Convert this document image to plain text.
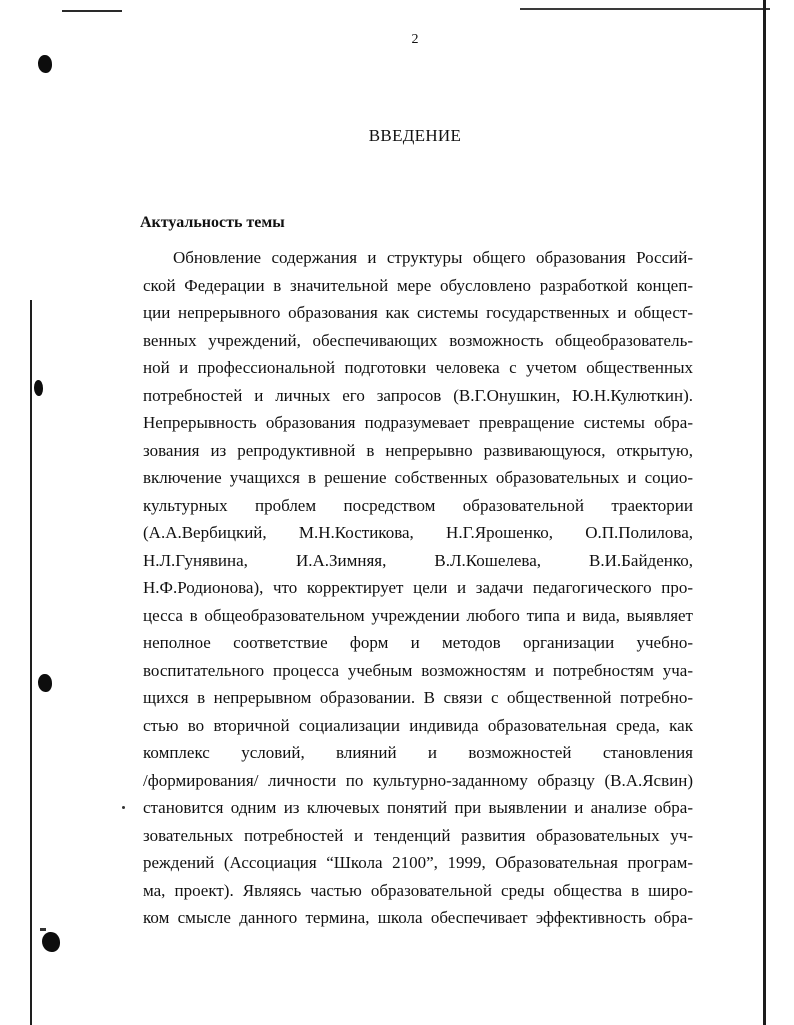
2
ВВЕДЕНИЕ
Актуальность темы
Обновление содержания и структуры общего образования Россий-
ской Федерации в значительной мере обусловлено разработкой концеп-
ции непрерывного образования как системы государственных и общест-
венных учреждений, обеспечивающих возможность общеобразователь-
ной и профессиональной подготовки человека с учетом общественных
потребностей и личных его запросов (В.Г.Онушкин, Ю.Н.Кулюткин).
Непрерывность образования подразумевает превращение системы обра-
зования из репродуктивной в непрерывно развивающуюся, открытую,
включение учащихся в решение собственных образовательных и социо-
культурных проблем посредством образовательной траектории
(А.А.Вербицкий, М.Н.Костикова, Н.Г.Ярошенко, О.П.Полилова,
Н.Л.Гунявина, И.А.Зимняя, В.Л.Кошелева, В.И.Байденко,
Н.Ф.Родионова), что корректирует цели и задачи педагогического про-
цесса в общеобразовательном учреждении любого типа и вида, выявляет
неполное соответствие форм и методов организации учебно-
воспитательного процесса учебным возможностям и потребностям уча-
щихся в непрерывном образовании. В связи с общественной потребно-
стью во вторичной социализации индивида образовательная среда, как
комплекс условий, влияний и возможностей становления
/формирования/ личности по культурно-заданному образцу (В.А.Ясвин)
становится одним из ключевых понятий при выявлении и анализе обра-
зовательных потребностей и тенденций развития образовательных уч-
реждений (Ассоциация “Школа 2100”, 1999, Образовательная програм-
ма, проект). Являясь частью образовательной среды общества в широ-
ком смысле данного термина, школа обеспечивает эффективность обра-
